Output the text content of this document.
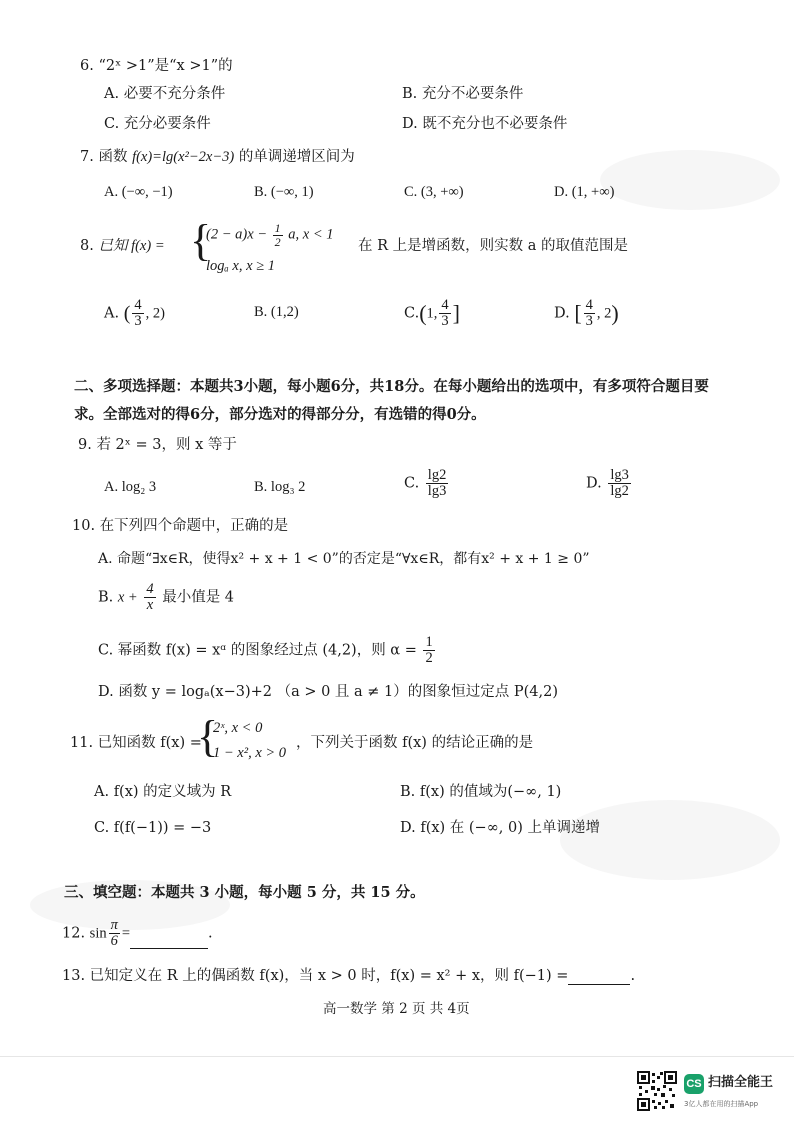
6. “2ˣ >1”是“x >1”的
A. 必要不充分条件	B. 充分不必要条件
C. 充分必要条件	D. 既不充分也不必要条件
7. 函数 f(x)=lg(x²−2x−3) 的单调递增区间为
A. (−∞, −1)	B. (−∞, 1)	C. (3, +∞)	D. (1, +∞)
8. 已知 f(x) = {
$(2 - a)x - \frac{1}{2} a$, x < 1
logₐ x, x ≥ 1
在 R 上是增函数，则实数 a 的取值范围是
A. ( $\frac{4}{3}$ , 2)	B. (1,2)	C.(1, $\frac{4}{3}$ ]	D. [ $\frac{4}{3}$ , 2)
二、多项选择题：本题共3小题，每小题6分，共18分。在每小题给出的选项中，有多项符合题目要
求。全部选对的得6分，部分选对的得部分分，有选错的得0分。
9. 若 2ˣ = 3，则 x 等于
A. log₂ 3	B. log₃ 2	C. $\frac{\lg 2}{\lg 3}$	D. $\frac{\lg 3}{\lg 2}$
10. 在下列四个命题中，正确的是
A. 命题“∃x∈R，使得x² + x + 1 < 0”的否定是“∀x∈R，都有x² + x + 1 ≥ 0”
B. $x + \frac{4}{x}$ 最小值是 4
C. 幂函数 f(x) = xᵅ 的图象经过点 (4,2)，则 $\alpha = \frac{1}{2}$
D. 函数 y = logₐ(x−3)+2 （a > 0 且 a ≠ 1）的图象恒过定点 P(4,2)
11. 已知函数 f(x) =
{
2ˣ, x < 0
1 − x², x > 0
，下列关于函数 f(x) 的结论正确的是
A. f(x) 的定义域为 R	B. f(x) 的值域为(−∞, 1)
C. f(f(−1)) = −3	D. f(x) 在 (−∞, 0) 上单调递增
三、填空题：本题共 3 小题，每小题 5 分，共 15 分。
12. $\sin \frac{\pi}{6}$ =	.
13. 已知定义在 R 上的偶函数 f(x)，当 x > 0 时，f(x) = x² + x，则 f(−1) =	.
高一数学 第 2 页 共 4页
CS 扫描全能王
3亿人都在用的扫描App
